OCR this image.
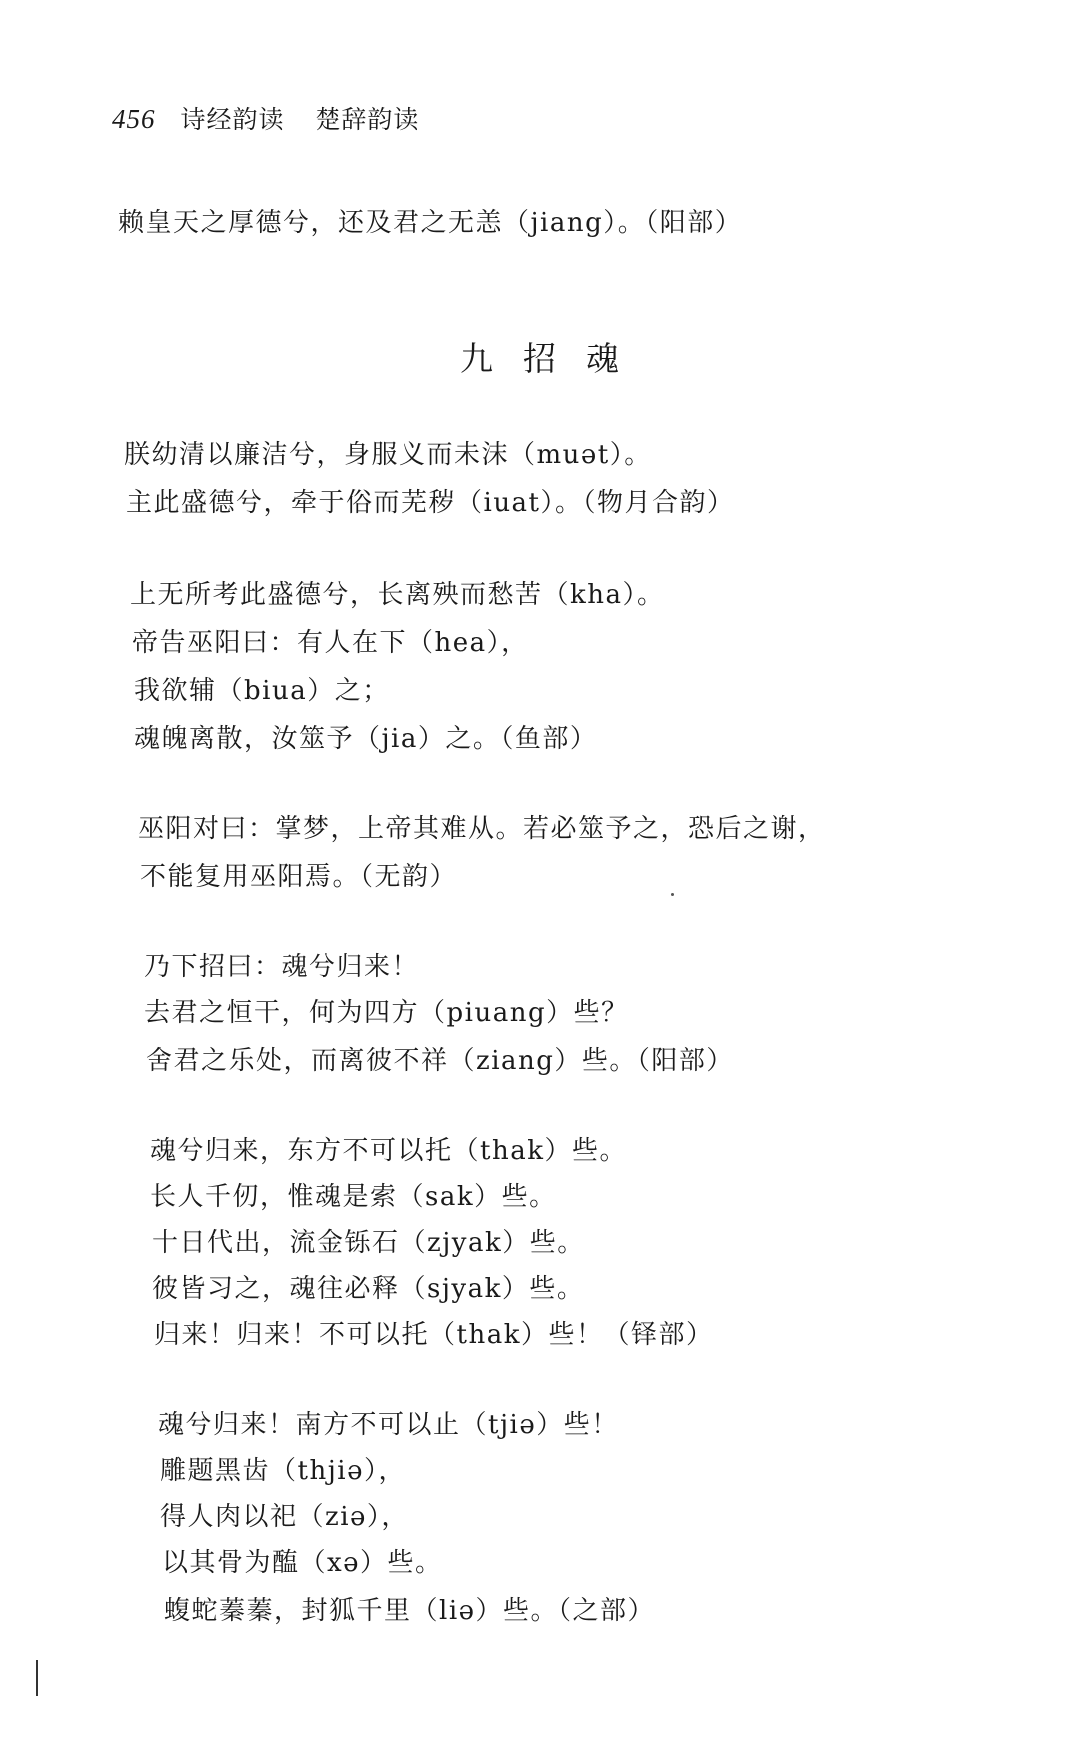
456 诗经韵读 楚辞韵读
赖皇天之厚德兮，还及君之无恙（jiang）。（阳部）
九招魂
朕幼清以廉洁兮，身服义而未沫（muət）。
主此盛德兮，牵于俗而芜秽（iuat）。（物月合韵）
上无所考此盛德兮，长离殃而愁苦（kha）。
帝告巫阳曰：有人在下（hea），
我欲辅（biua）之；
魂魄离散，汝筮予（jia）之。（鱼部）
巫阳对曰：掌梦，上帝其难从。若必筮予之，恐后之谢，
不能复用巫阳焉。（无韵）
乃下招曰：魂兮归来！
去君之恒干，何为四方（piuang）些？
舍君之乐处，而离彼不祥（ziang）些。（阳部）
魂兮归来，东方不可以托（thak）些。
长人千仞，惟魂是索（sak）些。
十日代出，流金铄石（zjyak）些。
彼皆习之，魂往必释（sjyak）些。
归来！归来！不可以托（thak）些！（铎部）
魂兮归来！南方不可以止（tjiə）些！
雕题黑齿（thjiə），
得人肉以祀（ziə），
以其骨为醢（xə）些。
蝮蛇蓁蓁，封狐千里（liə）些。（之部）
